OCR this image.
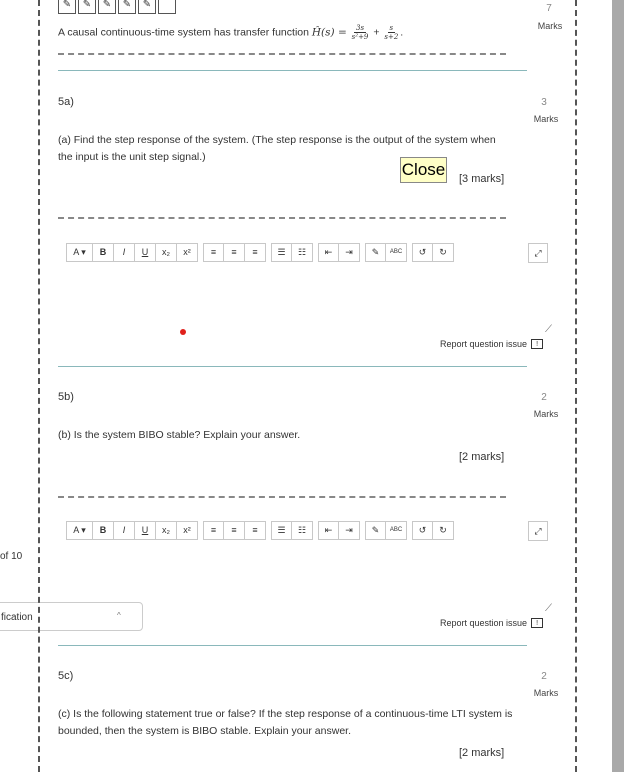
of 10
fication	^
✎	✎	✎	✎	✎	7
Marks
A causal continuous-time system has transfer function Ĥ(s) = $\frac{3s}{\text{s²+9}} + \frac{s}{s+2}$ .
5a)	3
Marks
(a) Find the step response of the system. (The step response is the output of the system when the input is the unit step signal.)
[3 marks]
Close
A ▾	B	I	U	x₂	x²	≡	≡	≡	☰	☷	⇤	⇥	✎	ABC	↺	↻	⤢
⟋
Report question issue	!
5b)	2
Marks
(b) Is the system BIBO stable? Explain your answer.
[2 marks]
A ▾	B	I	U	x₂	x²	≡	≡	≡	☰	☷	⇤	⇥	✎	ABC	↺	↻	⤢
⟋
Report question issue	!
5c)	2
Marks
(c) Is the following statement true or false? If the step response of a continuous-time LTI system is bounded, then the system is BIBO stable. Explain your answer.
[2 marks]
